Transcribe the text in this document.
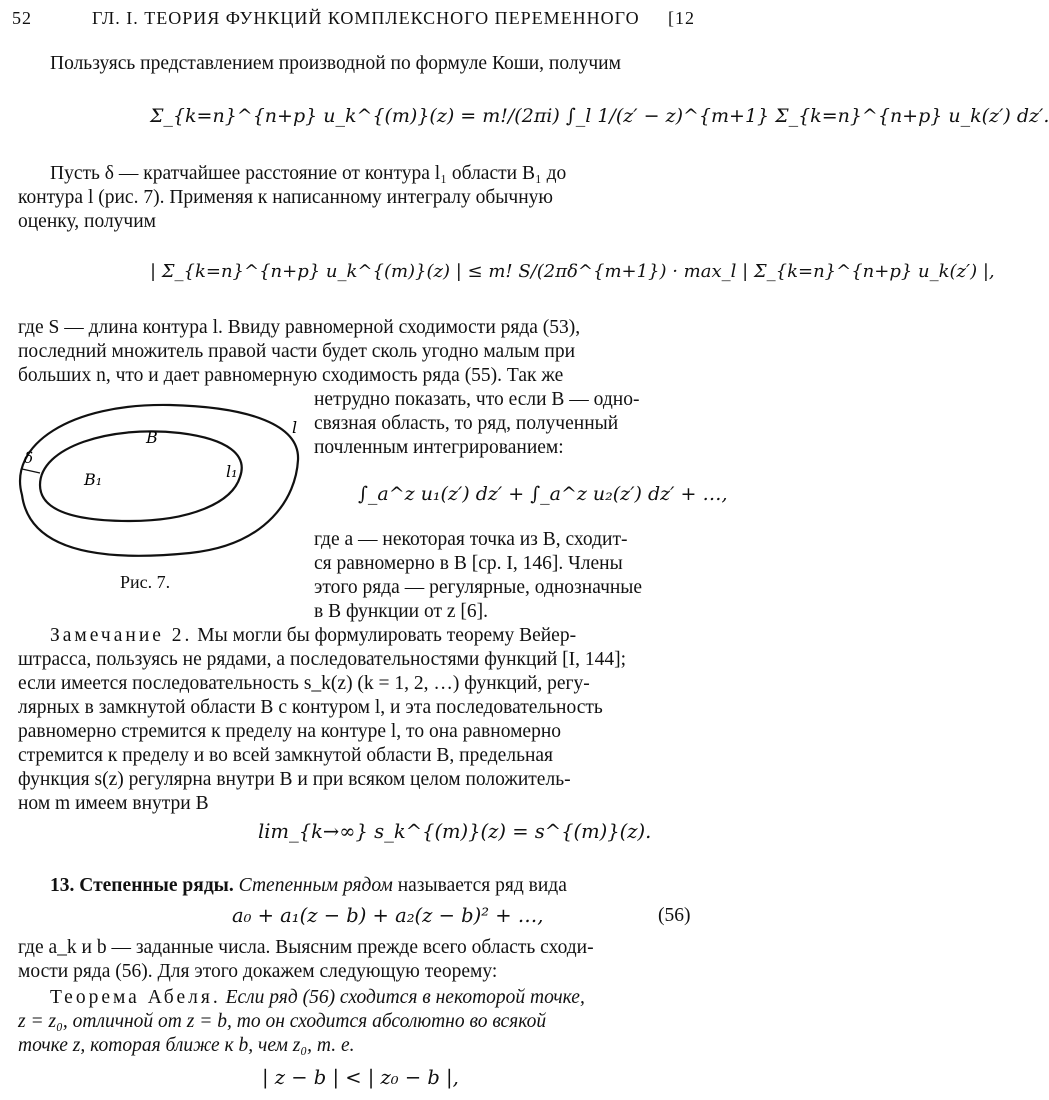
52	ГЛ. I. ТЕОРИЯ ФУНКЦИЙ КОМПЛЕКСНОГО ПЕРЕМЕННОГО [12
Пользуясь представлением производной по формуле Коши, получим
Σ_{k=n}^{n+p} u_k^{(m)}(z) = m!/(2πi) ∫_l 1/(z′ − z)^{m+1} Σ_{k=n}^{n+p} u_k(z′) dz′.
Пусть δ — кратчайшее расстояние от контура l₁ области B₁ до
контура l (рис. 7). Применяя к написанному интегралу обычную
оценку, получим
| Σ_{k=n}^{n+p} u_k^{(m)}(z) | ≤ m! S/(2πδ^{m+1}) · max_l | Σ_{k=n}^{n+p} u_k(z′) |,
где S — длина контура l. Ввиду равномерной сходимости ряда (53),
последний множитель правой части будет сколь угодно малым при
больших n, что и дает равномерную сходимость ряда (55). Так же
нетрудно показать, что если B — одно-
связная область, то ряд, полученный
почленным интегрированием:
δ
B
l
l₁
B₁
Рис. 7.
∫_a^z u₁(z′) dz′ + ∫_a^z u₂(z′) dz′ + …,
где a — некоторая точка из B, сходит-
ся равномерно в B [ср. I, 146]. Члены
этого ряда — регулярные, однозначные
в B функции от z [6].
Замечание 2. Мы могли бы формулировать теорему Вейер-
штрасса, пользуясь не рядами, а последовательностями функций [I, 144];
если имеется последовательность s_k(z) (k = 1, 2, …) функций, регу-
лярных в замкнутой области B с контуром l, и эта последовательность
равномерно стремится к пределу на контуре l, то она равномерно
стремится к пределу и во всей замкнутой области B, предельная
функция s(z) регулярна внутри B и при всяком целом положитель-
ном m имеем внутри B
lim_{k→∞} s_k^{(m)}(z) = s^{(m)}(z).
13. Степенные ряды. Степенным рядом называется ряд вида
a₀ + a₁(z − b) + a₂(z − b)² + …,	(56)
где a_k и b — заданные числа. Выясним прежде всего область сходи-
мости ряда (56). Для этого докажем следующую теорему:
Теорема Абеля. Если ряд (56) сходится в некоторой точке,
z = z₀, отличной от z = b, то он сходится абсолютно во всякой
точке z, которая ближе к b, чем z₀, т. е.
| z − b | < | z₀ − b |,
